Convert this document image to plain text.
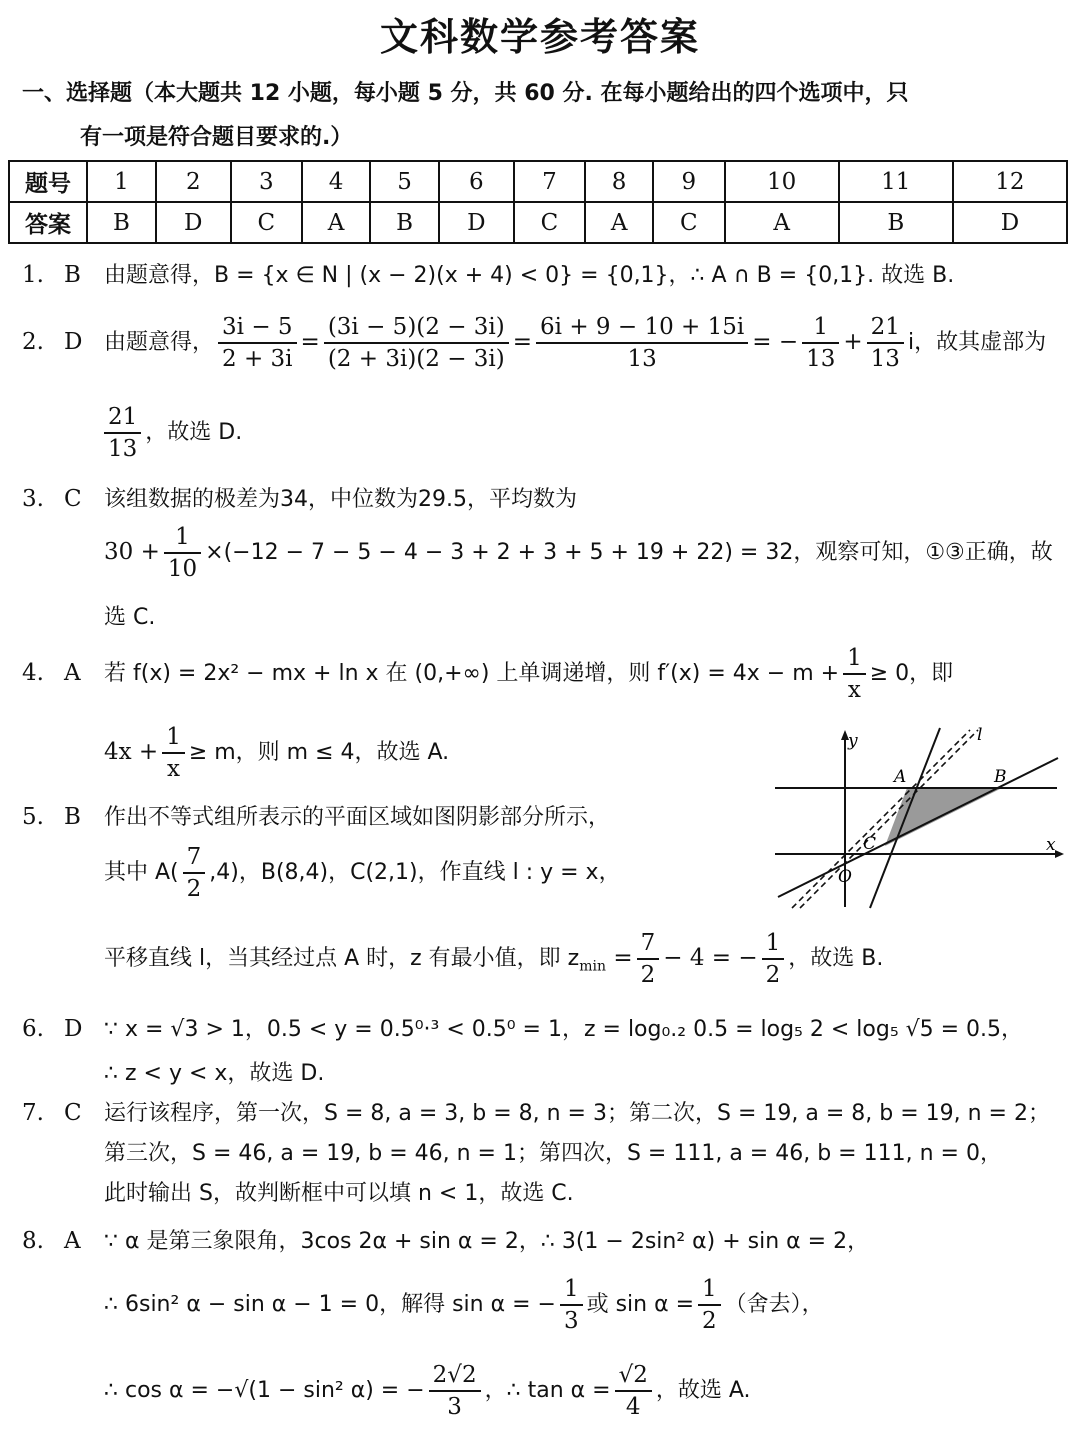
文科数学参考答案
一、选择题（本大题共 12 小题，每小题 5 分，共 60 分. 在每小题给出的四个选项中，只
有一项是符合题目要求的.）
题号	1	2	3	4	5	6	7	8	9	10	11	12
答案	B	D	C	A	B	D	C	A	C	A	B	D
1. B 由题意得，B = {x ∈ N | (x − 2)(x + 4) < 0} = {0,1}，∴ A ∩ B = {0,1}. 故选 B.
2. D 由题意得， $\frac{3i - 5}{2 + 3i} = \frac{(3i - 5)(2 - 3i)}{(2 + 3i)(2 - 3i)} = \frac{6i + 9 - 10 + 15i}{13}$ = − $\frac{1}{13} + \frac{21}{13}$ i，故其虚部为
$\frac{21}{13}$ ，故选 D.
3. C 该组数据的极差为34，中位数为29.5，平均数为
$30 + \frac{1}{10} \times(-12 - 7 - 5 - 4 - 3 + 2 + 3 + 5 + 19 + 22) = 32$，观察可知，①③正确，故
选 C.
4. A 若 f(x) = 2x² − mx + ln x 在 (0,+∞) 上单调递增，则 $f'(x) = 4x - m + \frac{1}{x} \ge 0$，即
$4x + \frac{1}{x} \ge m$，则 m ≤ 4，故选 A.
5. B 作出不等式组所表示的平面区域如图阴影部分所示，
其中 $A( \frac{7}{2} ,4)$，B(8,4)，C(2,1)，作直线 l : y = x，
平移直线 l，当其经过点 A 时，z 有最小值，即 $z_{min} = \frac{7}{2} - 4$ = − $\frac{1}{2}$ ，故选 B.
y
x
O
A	B
C
l
6. D ∵ x = √3 > 1，0.5 < y = 0.5⁰·³ < 0.5⁰ = 1，z = log₀.₂ 0.5 = log₅ 2 < log₅ √5 = 0.5，
∴ z < y < x，故选 D.
7. C 运行该程序，第一次，S = 8, a = 3, b = 8, n = 3；第二次，S = 19, a = 8, b = 19, n = 2；
第三次，S = 46, a = 19, b = 46, n = 1；第四次，S = 111, a = 46, b = 111, n = 0，
此时输出 S，故判断框中可以填 n < 1，故选 C.
8. A ∵ α 是第三象限角，3cos 2α + sin α = 2，∴ 3(1 − 2sin² α) + sin α = 2，
∴ 6sin² α − sin α − 1 = 0，解得 sin α = − $\frac{1}{3}$ 或 $\sin \alpha = \frac{1}{2}$ （舍去），
∴ cos α = −√(1 − sin² α) = − $\frac{2√2}{3}$ ，∴ $\tan \alpha = \frac{√2}{4}$ ，故选 A.
